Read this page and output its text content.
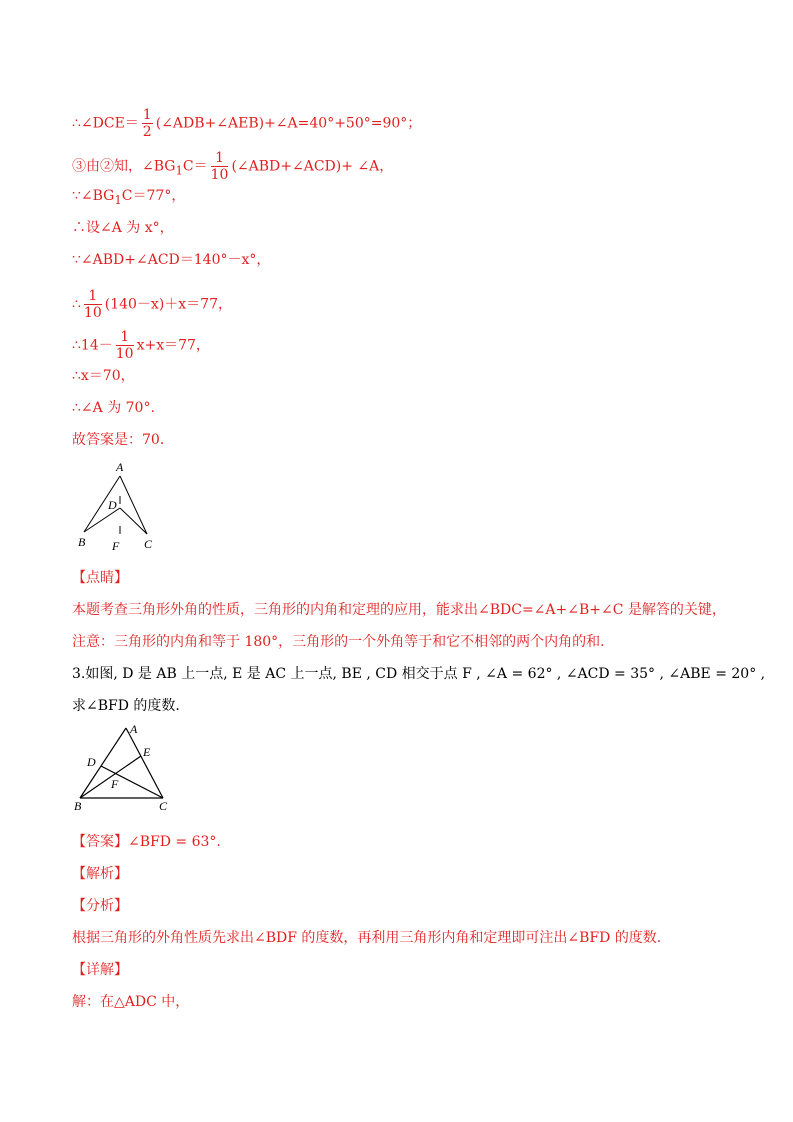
∴∠DCE＝ $\frac{1}{2}$ (∠ADB+∠AEB)+∠A=40°+50°=90°；
③由②知，$\angle BG_1C= \frac{1}{10}$ (∠ABD+∠ACD)+ ∠A，
$\because\angle BG_1C=77^\circ$，
∴设∠A 为 x°，
∵∠ABD+∠ACD＝140°－x°，
∴ $\frac{1}{10} (140-x)+x=77$，
∴14－ $\frac{1}{10} x+x=77$，
∴x＝70，
∴∠A 为 70°.
故答案是：70．
A
D
B F C
【点睛】
本题考查三角形外角的性质，三角形的内角和定理的应用，能求出∠BDC=∠A+∠B+∠C 是解答的关键，
注意：三角形的内角和等于 180°，三角形的一个外角等于和它不相邻的两个内角的和．
3.如图, D 是 AB 上一点, E 是 AC 上一点, BE , CD 相交于点 F , ∠A = 62° , ∠ACD = 35° , ∠ABE = 20° ,
求∠BFD 的度数.
A
E
D
F
B	C
【答案】∠BFD = 63°.
【解析】
【分析】
根据三角形的外角性质先求出∠BDF 的度数，再利用三角形内角和定理即可注出∠BFD 的度数.
【详解】
解：在△ADC 中，
